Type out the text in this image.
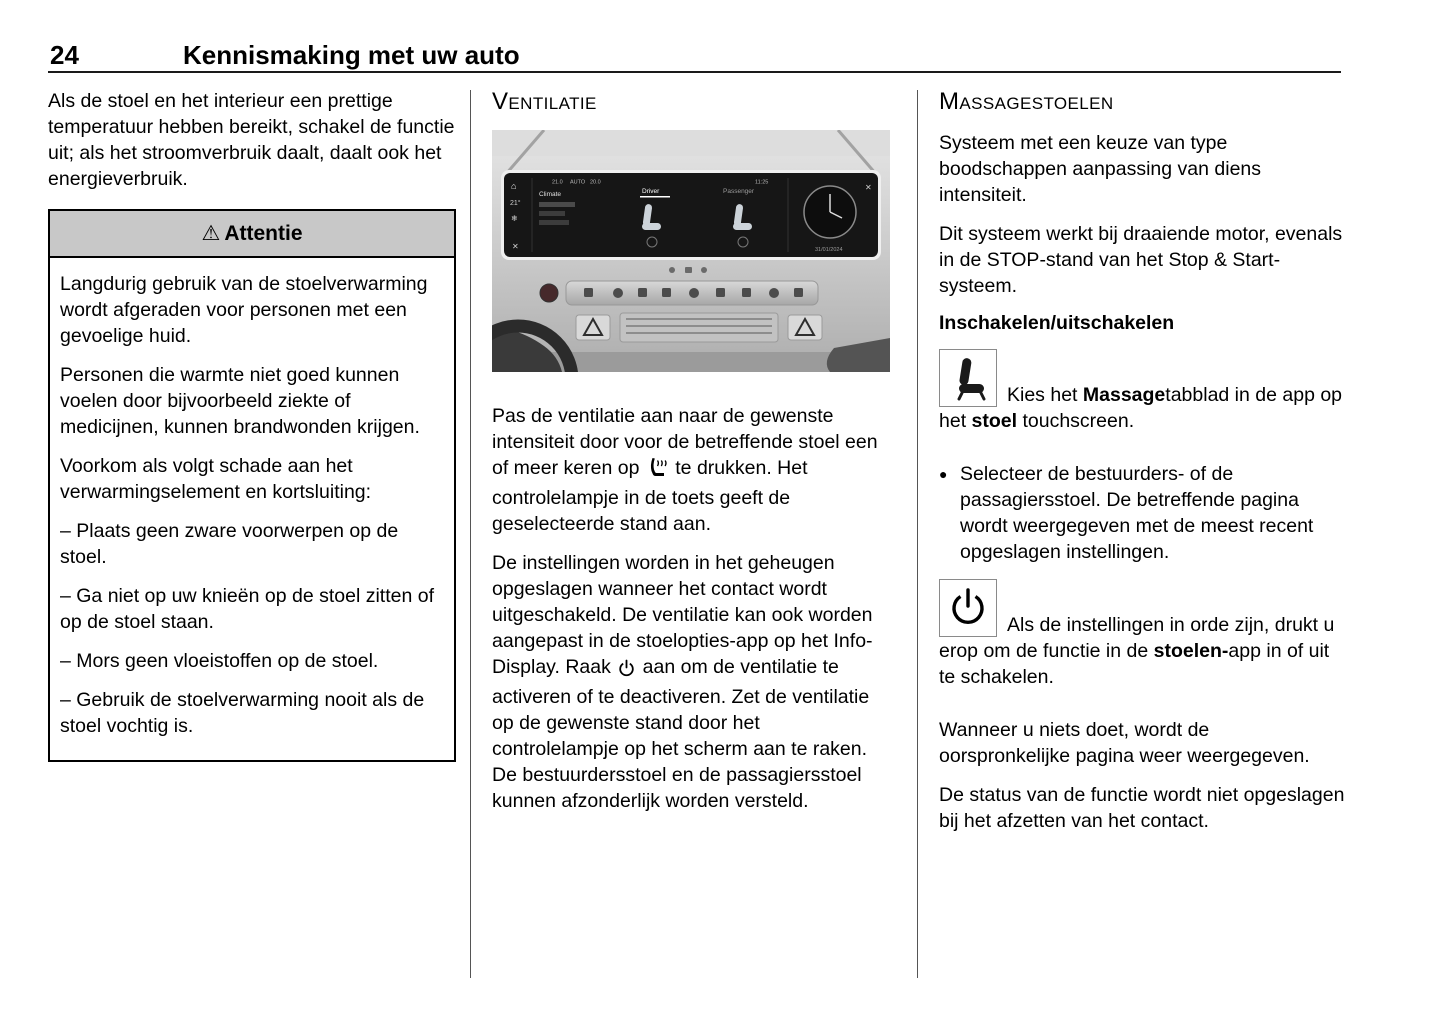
24	Kennismaking met uw auto

Als de stoel en het interieur een prettige temperatuur hebben bereikt, schakel de functie uit; als het stroomverbruik daalt, daalt ook het energieverbruik.

⚠ Attentie

Langdurig gebruik van de stoelverwarming wordt afgeraden voor personen met een gevoelige huid.

Personen die warmte niet goed kunnen voelen door bijvoorbeeld ziekte of medicijnen, kunnen brandwonden krijgen.

Voorkom als volgt schade aan het verwarmingselement en kortsluiting:

– Plaats geen zware voorwerpen op de stoel.

– Ga niet op uw knieën op de stoel zitten of op de stoel staan.

– Mors geen vloeistoffen op de stoel.

– Gebruik de stoelverwarming nooit als de stoel vochtig is.

Ventilatie
⌂
21°
❄
✕
21.0 AUTO 20.0	11:25
Climate	Driver	Passenger
31/01/2024
✕

Pas de ventilatie aan naar de gewenste intensiteit door voor de betreffende stoel een of meer keren op  te drukken. Het controlelampje in de toets geeft de geselecteerde stand aan.

De instellingen worden in het geheugen opgeslagen wanneer het contact wordt uitgeschakeld. De ventilatie kan ook worden aangepast in de stoelopties-app op het Info-Display. Raak  aan om de ventilatie te activeren of te deactiveren. Zet de ventilatie op de gewenste stand door het controlelampje op het scherm aan te raken. De bestuurdersstoel en de passagiersstoel kunnen afzonderlijk worden versteld.

Massagestoelen

Systeem met een keuze van type boodschappen aanpassing van diens intensiteit.

Dit systeem werkt bij draaiende motor, evenals in de STOP-stand van het Stop & Start-systeem.

Inschakelen/uitschakelen

Kies het Massagetabblad in de app op het stoel touchscreen.

● Selecteer de bestuurders- of de passagiersstoel. De betreffende pagina wordt weergegeven met de meest recent opgeslagen instellingen.

Als de instellingen in orde zijn, drukt u erop om de functie in de stoelen-app in of uit te schakelen.

Wanneer u niets doet, wordt de oorspronkelijke pagina weer weergegeven.

De status van de functie wordt niet opgeslagen bij het afzetten van het contact.
